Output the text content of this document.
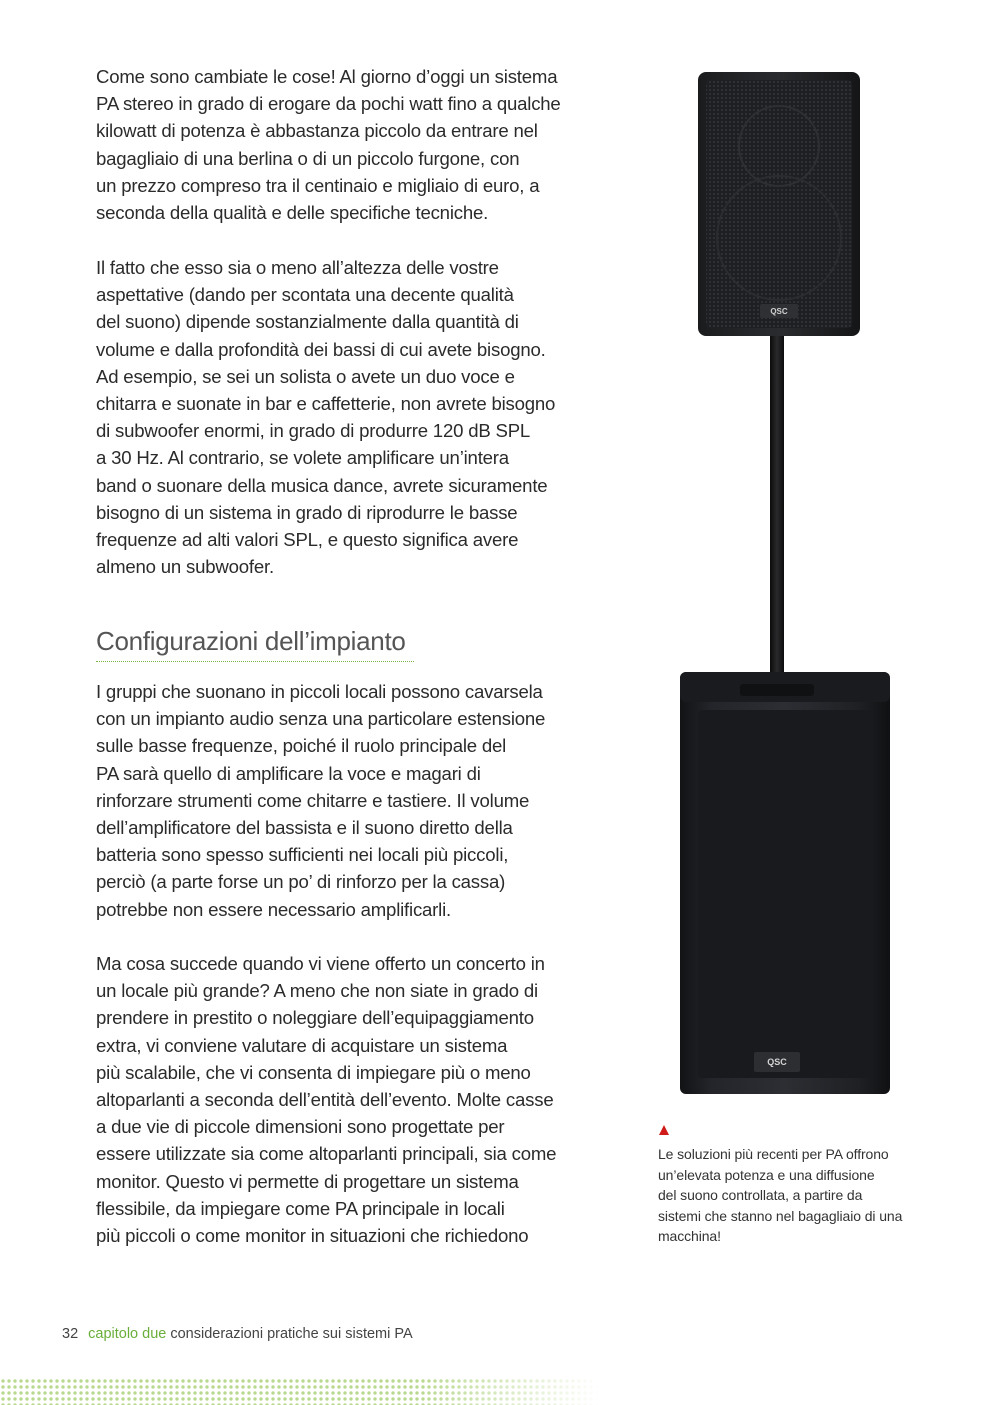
Come sono cambiate le cose! Al giorno d’oggi un sistema
PA stereo in grado di erogare da pochi watt fino a qualche
kilowatt di potenza è abbastanza piccolo da entrare nel
bagagliaio di una berlina o di un piccolo furgone, con
un prezzo compreso tra il centinaio e migliaio di euro, a
seconda della qualità e delle specifiche tecniche.
Il fatto che esso sia o meno all’altezza delle vostre
aspettative (dando per scontata una decente qualità
del suono) dipende sostanzialmente dalla quantità di
volume e dalla profondità dei bassi di cui avete bisogno.
Ad esempio, se sei un solista o avete un duo voce e
chitarra e suonate in bar e caffetterie, non avrete bisogno
di subwoofer enormi, in grado di produrre 120 dB SPL
a 30 Hz. Al contrario, se volete amplificare un’intera
band o suonare della musica dance, avrete sicuramente
bisogno di un sistema in grado di riprodurre le basse
frequenze ad alti valori SPL, e questo significa avere
almeno un subwoofer.
Configurazioni dell’impianto
I gruppi che suonano in piccoli locali possono cavarsela
con un impianto audio senza una particolare estensione
sulle basse frequenze, poiché il ruolo principale del
PA sarà quello di amplificare la voce e magari di
rinforzare strumenti come chitarre e tastiere. Il volume
dell’amplificatore del bassista e il suono diretto della
batteria sono spesso sufficienti nei locali più piccoli,
perciò (a parte forse un po’ di rinforzo per la cassa)
potrebbe non essere necessario amplificarli.
Ma cosa succede quando vi viene offerto un concerto in
un locale più grande? A meno che non siate in grado di
prendere in prestito o noleggiare dell’equipaggiamento
extra, vi conviene valutare di acquistare un sistema
più scalabile, che vi consenta di impiegare più o meno
altoparlanti a seconda dell’entità dell’evento. Molte casse
a due vie di piccole dimensioni sono progettate per
essere utilizzate sia come altoparlanti principali, sia come
monitor. Questo vi permette di progettare un sistema
flessibile, da impiegare come PA principale in locali
più piccoli o come monitor in situazioni che richiedono
QSC
QSC
Le soluzioni più recenti per PA offrono
un’elevata potenza e una diffusione
del suono controllata, a partire da
sistemi che stanno nel bagagliaio di una
macchina!
32 capitolo due considerazioni pratiche sui sistemi PA
